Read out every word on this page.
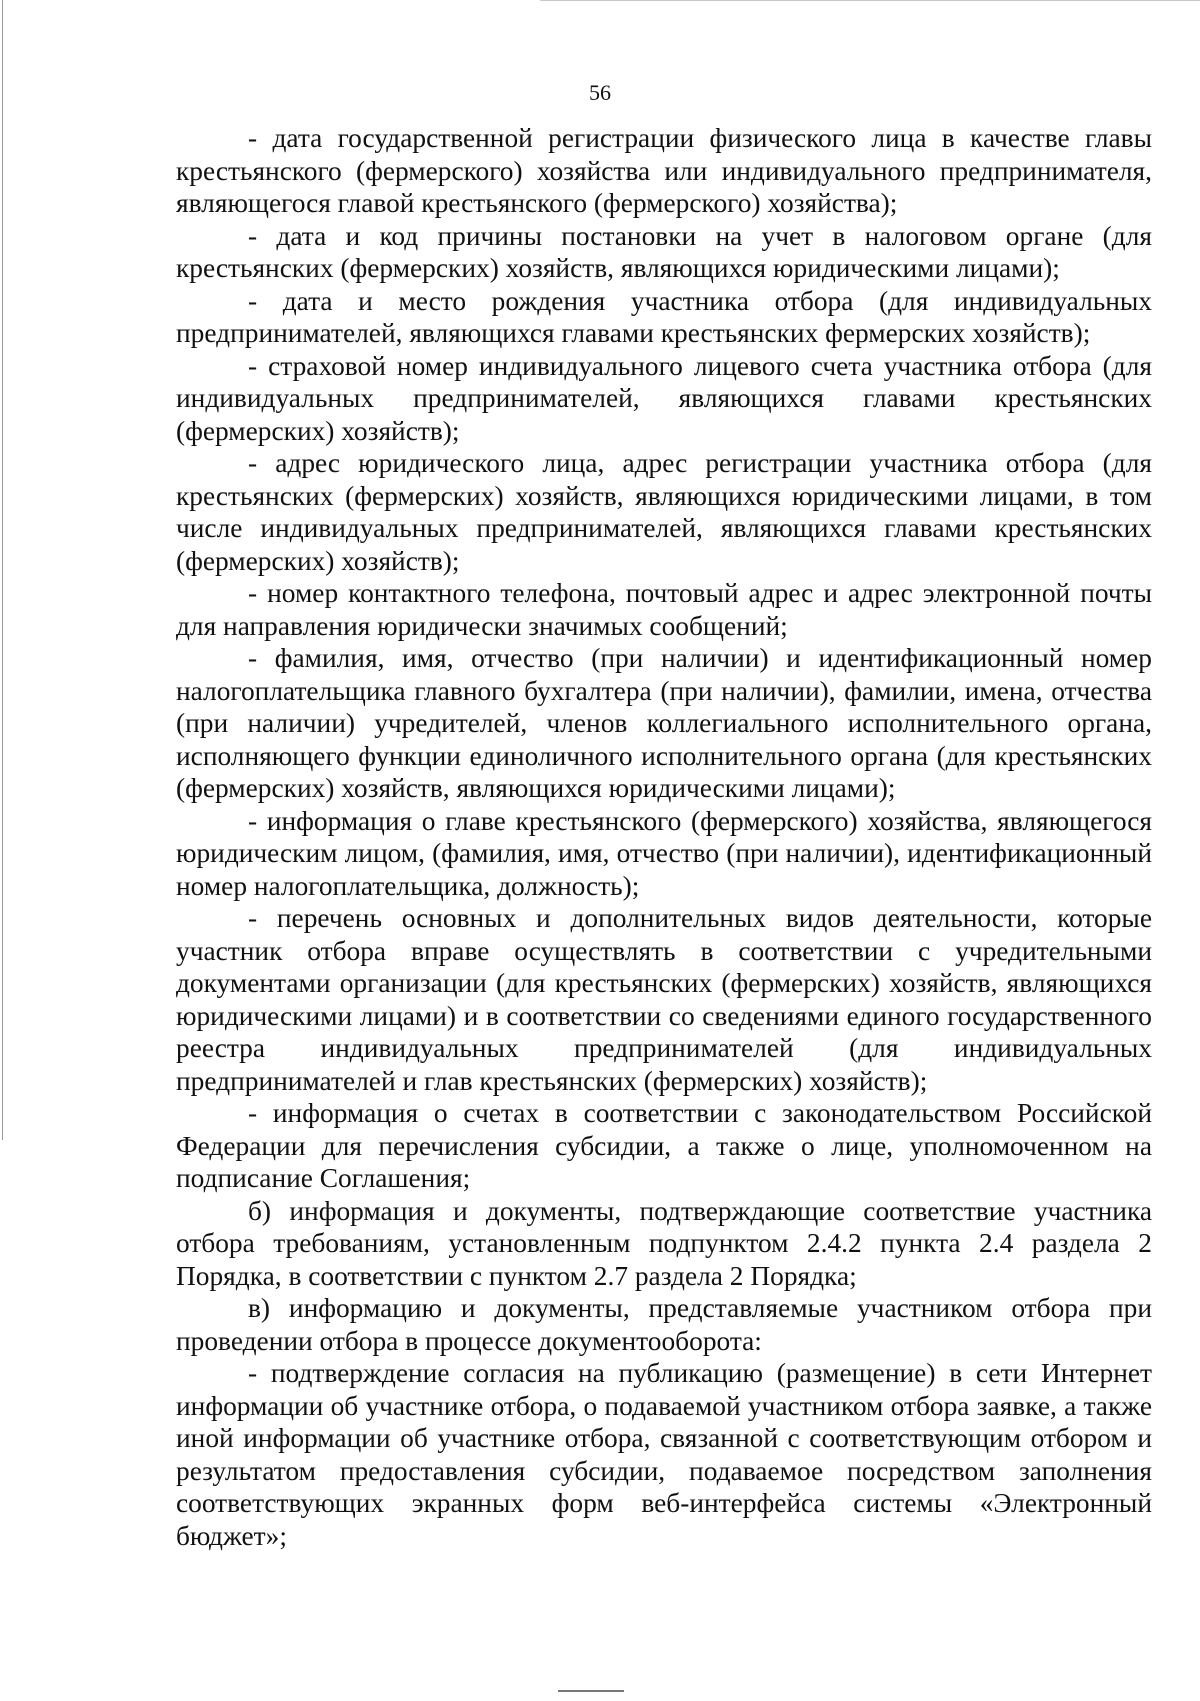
56

- дата государственной регистрации физического лица в качестве главы крестьянского (фермерского) хозяйства или индивидуального предпринимателя, являющегося главой крестьянского (фермерского) хозяйства);

- дата и код причины постановки на учет в налоговом органе (для крестьянских (фермерских) хозяйств, являющихся юридическими лицами);

- дата и место рождения участника отбора (для индивидуальных предпринимателей, являющихся главами крестьянских фермерских хозяйств);

- страховой номер индивидуального лицевого счета участника отбора (для индивидуальных предпринимателей, являющихся главами крестьянских (фермерских) хозяйств);

- адрес юридического лица, адрес регистрации участника отбора (для крестьянских (фермерских) хозяйств, являющихся юридическими лицами, в том числе индивидуальных предпринимателей, являющихся главами крестьянских (фермерских) хозяйств);

- номер контактного телефона, почтовый адрес и адрес электронной почты для направления юридически значимых сообщений;

- фамилия, имя, отчество (при наличии) и идентификационный номер налогоплательщика главного бухгалтера (при наличии), фамилии, имена, отчества (при наличии) учредителей, членов коллегиального исполнительного органа, исполняющего функции единоличного исполнительного органа (для крестьянских (фермерских) хозяйств, являющихся юридическими лицами);

- информация о главе крестьянского (фермерского) хозяйства, являющегося юридическим лицом, (фамилия, имя, отчество (при наличии), идентификационный номер налогоплательщика, должность);

- перечень основных и дополнительных видов деятельности, которые участник отбора вправе осуществлять в соответствии с учредительными документами организации (для крестьянских (фермерских) хозяйств, являющихся юридическими лицами) и в соответствии со сведениями единого государственного реестра индивидуальных предпринимателей (для индивидуальных предпринимателей и глав крестьянских (фермерских) хозяйств);

- информация о счетах в соответствии с законодательством Российской Федерации для перечисления субсидии, а также о лице, уполномоченном на подписание Соглашения;

б) информация и документы, подтверждающие соответствие участника отбора требованиям, установленным подпунктом 2.4.2 пункта 2.4 раздела 2 Порядка, в соответствии с пунктом 2.7 раздела 2 Порядка;

в) информацию и документы, представляемые участником отбора при проведении отбора в процессе документооборота:

- подтверждение согласия на публикацию (размещение) в сети Интернет информации об участнике отбора, о подаваемой участником отбора заявке, а также иной информации об участнике отбора, связанной с соответствующим отбором и результатом предоставления субсидии, подаваемое посредством заполнения соответствующих экранных форм веб-интерфейса системы «Электронный бюджет»;
